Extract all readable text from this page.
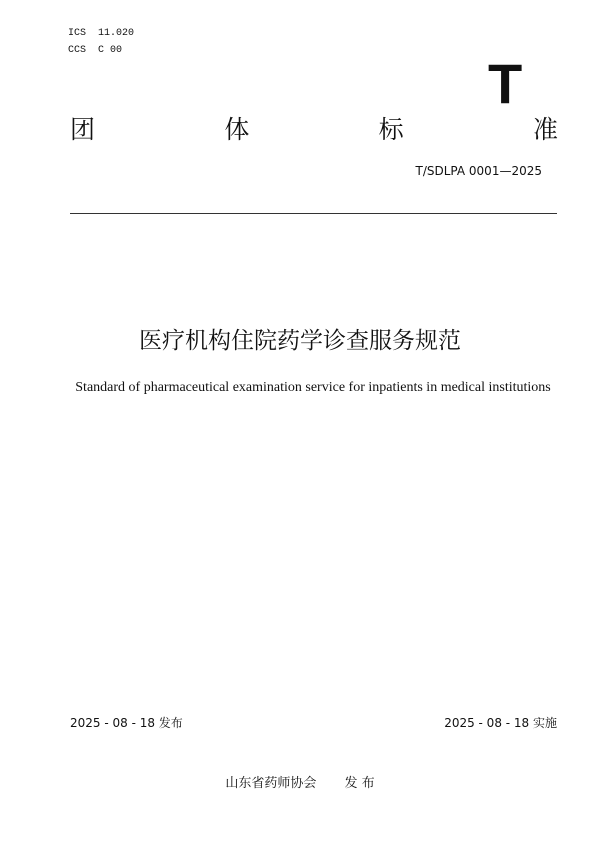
ICS  11.020
CCS  C 00
T
团	体	标	准
T/SDLPA 0001—2025
医疗机构住院药学诊查服务规范
Standard of pharmaceutical examination service for inpatients in medical institutions
2025 - 08 - 18 发布	2025 - 08 - 18 实施
山东省药师协会 发 布
